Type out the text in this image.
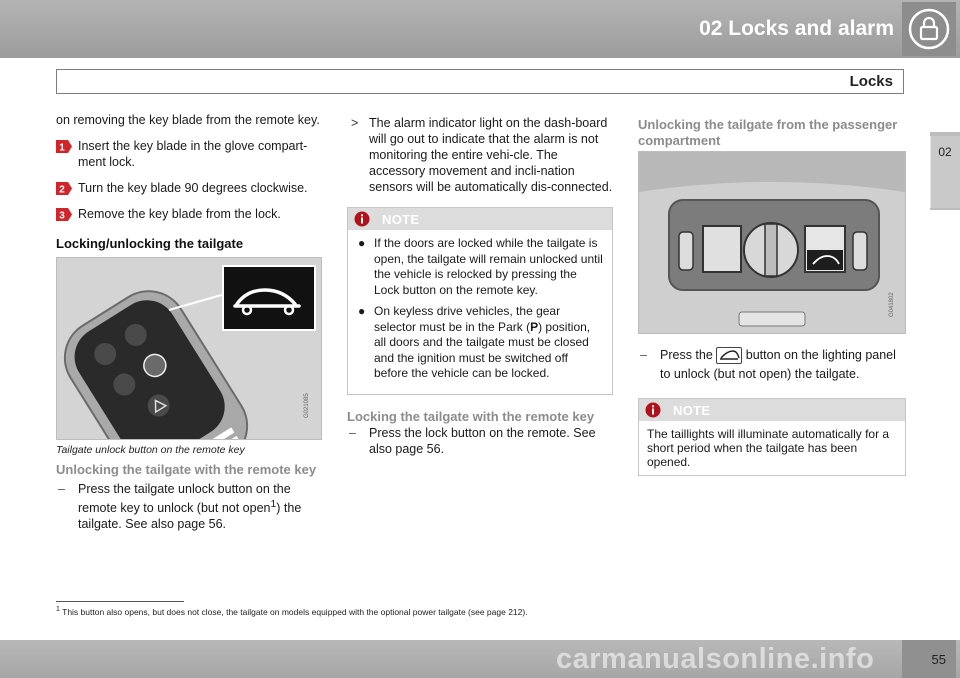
02 Locks and alarm
Locks
02

on removing the key blade from the remote key.

1 Insert the key blade in the glove compart-ment lock.
2 Turn the key blade 90 degrees clockwise.
3 Remove the key blade from the lock.
Locking/unlocking the tailgate
G021085
Tailgate unlock button on the remote key
Unlocking the tailgate with the remote key
– Press the tailgate unlock button on the remote key to unlock (but not open$^1$) the tailgate. See also page 56.
> The alarm indicator light on the dash-board will go out to indicate that the alarm is not monitoring the entire vehi-cle. The accessory movement and incli-nation sensors will be automatically dis-connected.
NOTE
● If the doors are locked while the tailgate is open, the tailgate will remain unlocked until the vehicle is relocked by pressing the Lock button on the remote key.
● On keyless drive vehicles, the gear selector must be in the Park (P) position, all doors and the tailgate must be closed and the ignition must be switched off before the vehicle can be locked.
Locking the tailgate with the remote key
– Press the lock button on the remote. See also page 56.
Unlocking the tailgate from the passenger compartment
G041802
– Press the	button on the lighting panel to unlock (but not open) the tailgate.
NOTE

The taillights will illuminate automatically for a short period when the tailgate has been opened.

$^1$ This button also opens, but does not close, the tailgate on models equipped with the optional power tailgate (see page 212).
carmanualsonline.info	55
